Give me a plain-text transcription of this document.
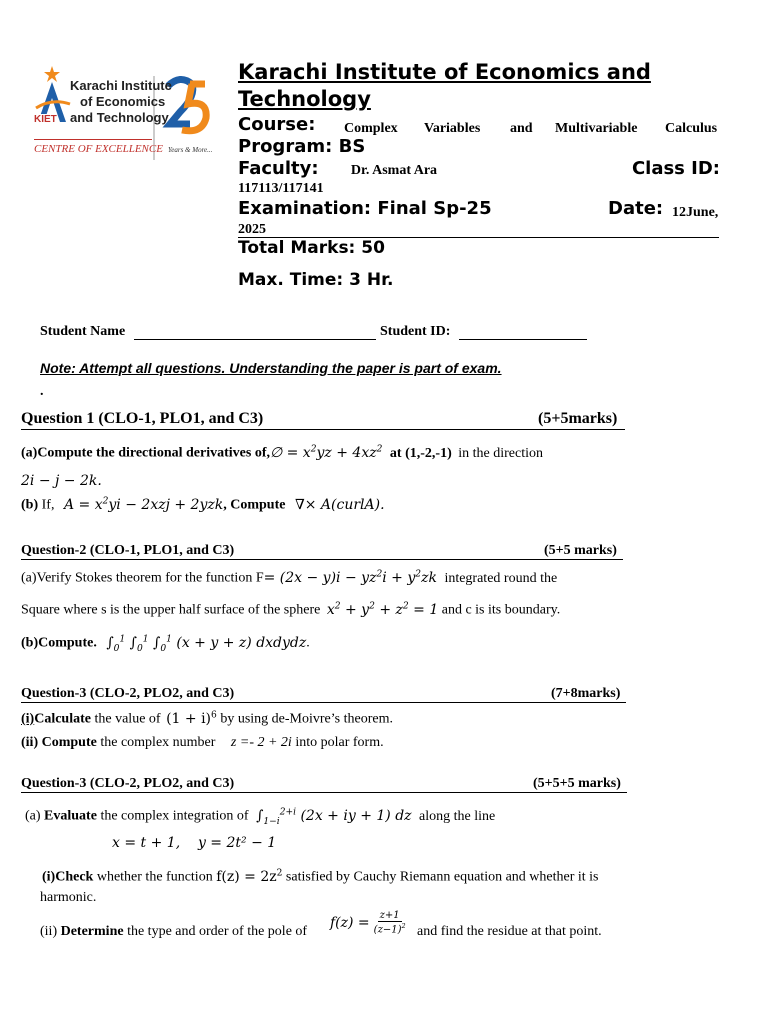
Karachi Institute
of Economics
and Technology
KIET
CENTRE OF EXCELLENCE Years & More...
Karachi Institute of Economics and
Technology
Course: Complex Variables and Multivariable Calculus
Program: BS
Faculty: Dr. Asmat Ara	Class ID:
117113/117141
Examination: Final Sp-25	Date: 12June,
2025
Total Marks: 50
Max. Time: 3 Hr.
Student Name	Student ID:
Note: Attempt all questions. Understanding the paper is part of exam.
.
Question 1 (CLO-1, PLO1, and C3)	(5+5marks)
(a)Compute the directional derivatives of,∅ = $x^2yz + 4xz^2$ at (1,-2,-1) in the direction
2i − j − 2k.
(b) If, $A = x^2yi - 2xzj + 2yzk$, Compute ∇× A(curlA).
Question-2 (CLO-1, PLO1, and C3)	(5+5 marks)
(a)Verify Stokes theorem for the function $F= (2x - y)i - yz^2i + y^2zk$ integrated round the
Square where s is the upper half surface of the sphere $x^2 + y^2 + z^2 = 1$ and c is its boundary.
(b)Compute. $\int_0^1$ $\int_0^1$ $\int_0^1$ (x + y + z) dxdydz.
Question-3 (CLO-2, PLO2, and C3)	(7+8marks)
(i)Calculate the value of $(1 + i)^6$ by using de-Moivre’s theorem.
(ii) Compute the complex number z =- 2 + 2i into polar form.
Question-3 (CLO-2, PLO2, and C3)	(5+5+5 marks)
(a) Evaluate the complex integration of $\int_{1-i}^{2+i}$ (2x + iy + 1) dz along the line
x = t + 1,    y = 2t² − 1
(i)Check whether the function $f(z) = 2z^2$ satisfied by Cauchy Riemann equation and whether it is
harmonic.
(ii) Determine the type and order of the pole of
$f(z) = \frac{z+1}{(z-1)^2}$ and find the residue at that point.
